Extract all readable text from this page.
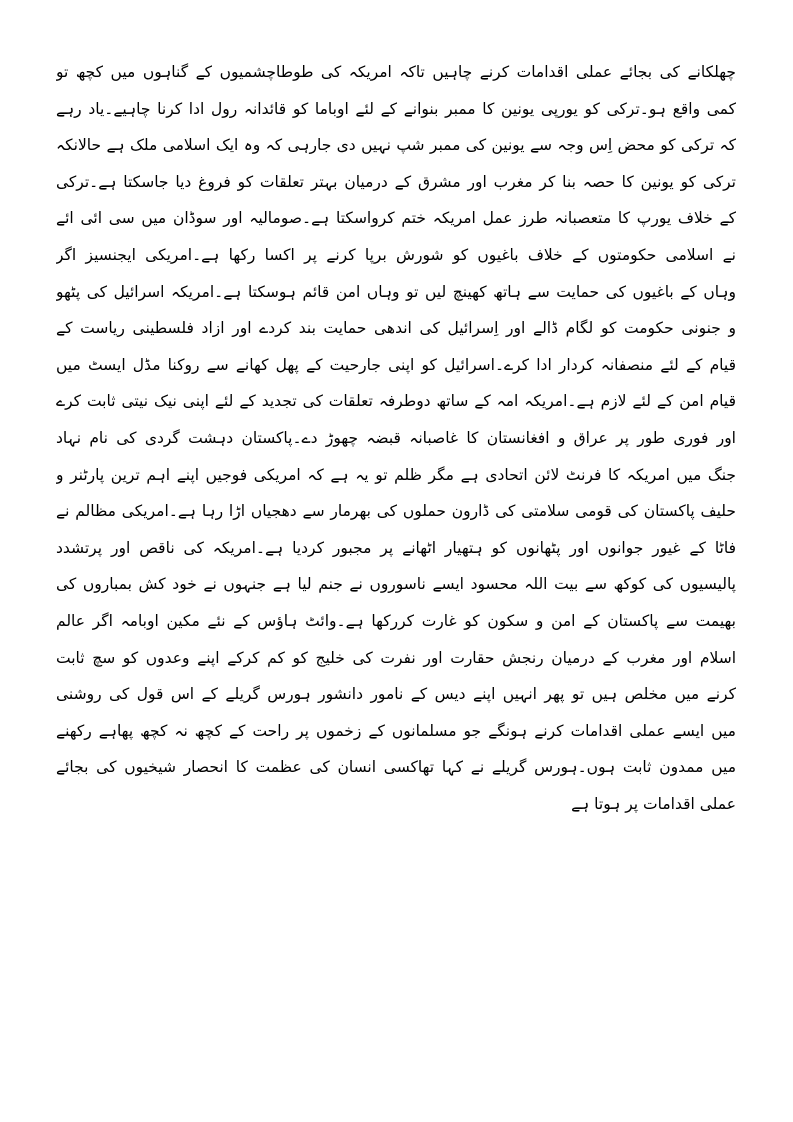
چھلکانے کی بجائے عملی اقدامات کرنے چاہیں تاکہ امریکہ کی طوطاچشمیوں کے گناہوں میں کچھ تو
کمی واقع ہو۔ترکی کو یورپی یونین کا ممبر بنوانے کے لئے اوباما کو قائدانہ رول ادا کرنا چاہیے۔یاد رہے
کہ ترکی کو محض اِس وجہ سے یونین کی ممبر شپ نہیں دی جارہی کہ وہ ایک اسلامی ملک ہے حالانکہ
ترکی کو یونین کا حصہ بنا کر مغرب اور مشرق کے درمیان بہتر تعلقات کو فروغ دیا جاسکتا ہے۔ترکی
کے خلاف یورپ کا متعصبانہ طرز عمل امریکہ ختم کرواسکتا ہے۔صومالیہ اور سوڈان میں سی ائی ائے
نے اسلامی حکومتوں کے خلاف باغیوں کو شورش برپا کرنے پر اکسا رکھا ہے۔امریکی ایجنسیز اگر
وہاں کے باغیوں کی حمایت سے ہاتھ کھینچ لیں تو وہاں امن قائم ہوسکتا ہے۔امریکہ اسرائیل کی پٹھو
و جنونی حکومت کو لگام ڈالے اور اِسرائیل کی اندھی حمایت بند کردے اور ازاد فلسطینی ریاست کے
قیام کے لئے منصفانہ کردار ادا کرے۔اسرائیل کو اپنی جارحیت کے پھل کھانے سے روکنا مڈل ایسٹ میں
قیام امن کے لئے لازم ہے۔امریکہ امہ کے ساتھ دوطرفہ تعلقات کی تجدید کے لئے اپنی نیک نیتی ثابت کرے
اور فوری طور پر عراق و افغانستان کا غاصبانہ قبضہ چھوڑ دے۔پاکستان دہشت گردی کی نام نہاد
جنگ میں امریکہ کا فرنٹ لائن اتحادی ہے مگر ظلم تو یہ ہے کہ امریکی فوجیں اپنے اہم ترین پارٹنر و
حلیف پاکستان کی قومی سلامتی کی ڈارون حملوں کی بھرمار سے دھجیاں اڑا رہا ہے۔امریکی مظالم نے
فاٹا کے غیور جوانوں اور پٹھانوں کو ہتھیار اٹھانے پر مجبور کردیا ہے۔امریکہ کی ناقص اور پرتشدد
پالیسیوں کی کوکھ سے بیت اللہ محسود ایسے ناسوروں نے جنم لیا ہے جنہوں نے خود کش بمباروں کی
بھیمت سے پاکستان کے امن و سکون کو غارت کررکھا ہے۔وائٹ ہاؤس کے نئے مکین اوبامہ اگر عالم
اسلام اور مغرب کے درمیان رنجش حقارت اور نفرت کی خلیج کو کم کرکے اپنے وعدوں کو سچ ثابت
کرنے میں مخلص ہیں تو پھر انہیں اپنے دیس کے نامور دانشور ہورس گریلے کے اس قول کی روشنی
میں ایسے عملی اقدامات کرنے ہونگے جو مسلمانوں کے زخموں پر راحت کے کچھ نہ کچھ پھاہے رکھنے
میں ممدون ثابت ہوں۔ہورس گریلے نے کہا تھاکسی انسان کی عظمت کا انحصار شیخیوں کی بجائے
عملی اقدامات پر ہوتا ہے
